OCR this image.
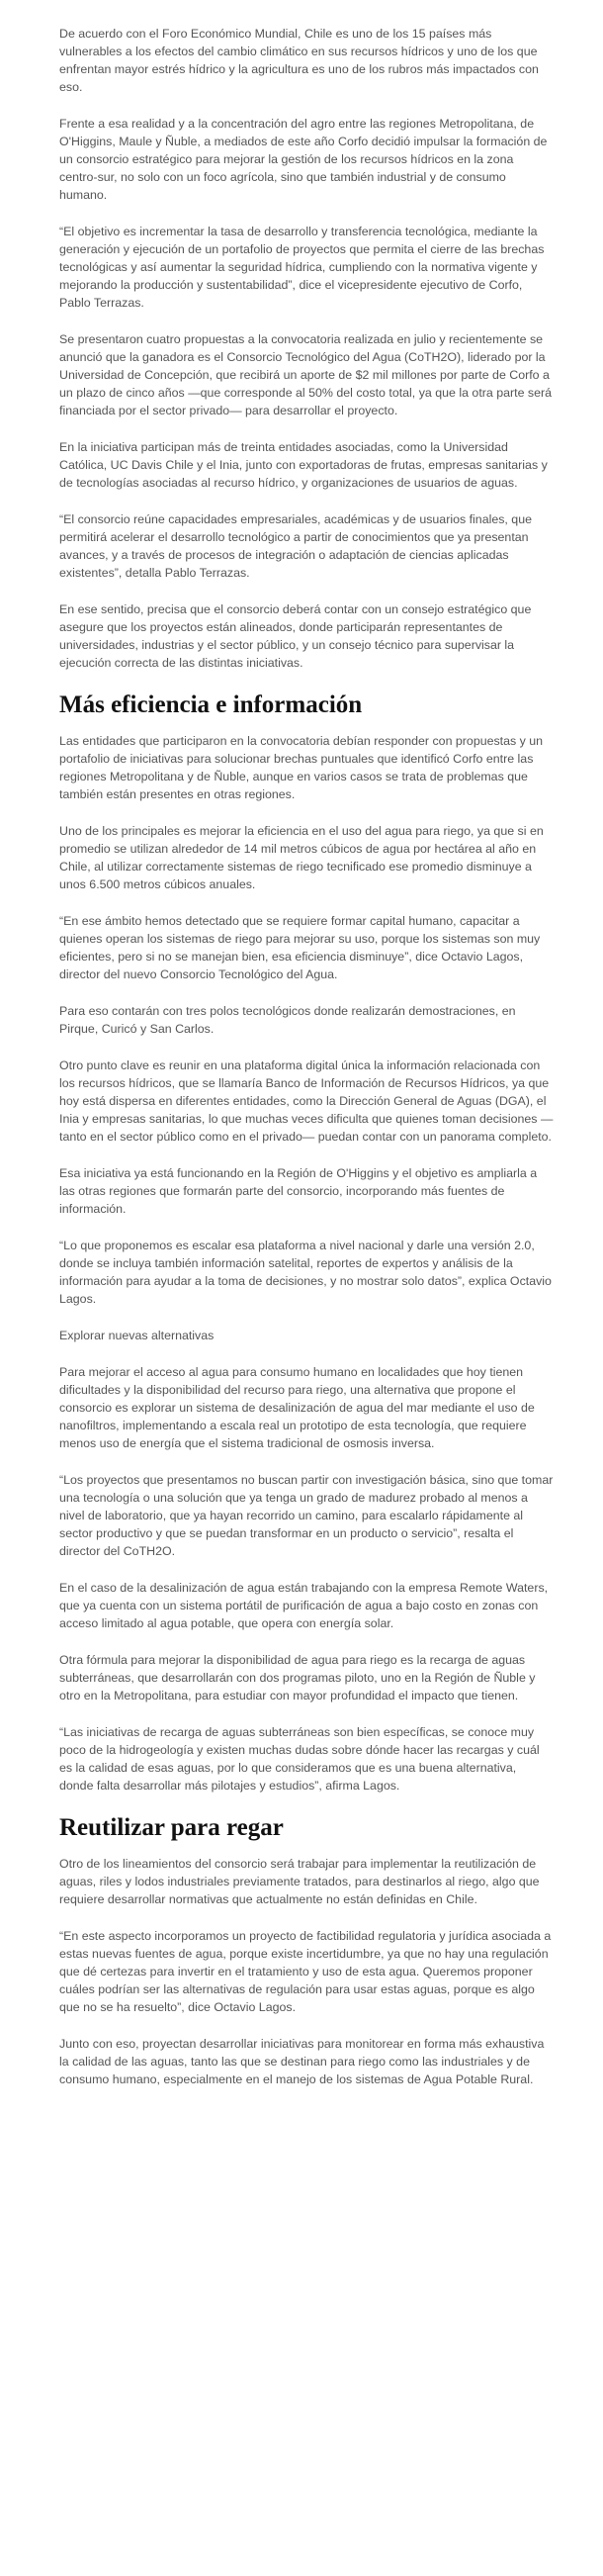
De acuerdo con el Foro Económico Mundial, Chile es uno de los 15 países más vulnerables a los efectos del cambio climático en sus recursos hídricos y uno de los que enfrentan mayor estrés hídrico y la agricultura es uno de los rubros más impactados con eso.

Frente a esa realidad y a la concentración del agro entre las regiones Metropolitana, de O'Higgins, Maule y Ñuble, a mediados de este año Corfo decidió impulsar la formación de un consorcio estratégico para mejorar la gestión de los recursos hídricos en la zona centro-sur, no solo con un foco agrícola, sino que también industrial y de consumo humano.

“El objetivo es incrementar la tasa de desarrollo y transferencia tecnológica, mediante la generación y ejecución de un portafolio de proyectos que permita el cierre de las brechas tecnológicas y así aumentar la seguridad hídrica, cumpliendo con la normativa vigente y mejorando la producción y sustentabilidad”, dice el vicepresidente ejecutivo de Corfo, Pablo Terrazas.

Se presentaron cuatro propuestas a la convocatoria realizada en julio y recientemente se anunció que la ganadora es el Consorcio Tecnológico del Agua (CoTH2O), liderado por la Universidad de Concepción, que recibirá un aporte de $2 mil millones por parte de Corfo a un plazo de cinco años —que corresponde al 50% del costo total, ya que la otra parte será financiada por el sector privado— para desarrollar el proyecto.

En la iniciativa participan más de treinta entidades asociadas, como la Universidad Católica, UC Davis Chile y el Inia, junto con exportadoras de frutas, empresas sanitarias y de tecnologías asociadas al recurso hídrico, y organizaciones de usuarios de aguas.

“El consorcio reúne capacidades empresariales, académicas y de usuarios finales, que permitirá acelerar el desarrollo tecnológico a partir de conocimientos que ya presentan avances, y a través de procesos de integración o adaptación de ciencias aplicadas existentes”, detalla Pablo Terrazas.

En ese sentido, precisa que el consorcio deberá contar con un consejo estratégico que asegure que los proyectos están alineados, donde participarán representantes de universidades, industrias y el sector público, y un consejo técnico para supervisar la ejecución correcta de las distintas iniciativas.

Más eficiencia e información

Las entidades que participaron en la convocatoria debían responder con propuestas y un portafolio de iniciativas para solucionar brechas puntuales que identificó Corfo entre las regiones Metropolitana y de Ñuble, aunque en varios casos se trata de problemas que también están presentes en otras regiones.

Uno de los principales es mejorar la eficiencia en el uso del agua para riego, ya que si en promedio se utilizan alrededor de 14 mil metros cúbicos de agua por hectárea al año en Chile, al utilizar correctamente sistemas de riego tecnificado ese promedio disminuye a unos 6.500 metros cúbicos anuales.

“En ese ámbito hemos detectado que se requiere formar capital humano, capacitar a quienes operan los sistemas de riego para mejorar su uso, porque los sistemas son muy eficientes, pero si no se manejan bien, esa eficiencia disminuye”, dice Octavio Lagos, director del nuevo Consorcio Tecnológico del Agua.

Para eso contarán con tres polos tecnológicos donde realizarán demostraciones, en Pirque, Curicó y San Carlos.

Otro punto clave es reunir en una plataforma digital única la información relacionada con los recursos hídricos, que se llamaría Banco de Información de Recursos Hídricos, ya que hoy está dispersa en diferentes entidades, como la Dirección General de Aguas (DGA), el Inia y empresas sanitarias, lo que muchas veces dificulta que quienes toman decisiones —tanto en el sector público como en el privado— puedan contar con un panorama completo.

Esa iniciativa ya está funcionando en la Región de O'Higgins y el objetivo es ampliarla a las otras regiones que formarán parte del consorcio, incorporando más fuentes de información.

“Lo que proponemos es escalar esa plataforma a nivel nacional y darle una versión 2.0, donde se incluya también información satelital, reportes de expertos y análisis de la información para ayudar a la toma de decisiones, y no mostrar solo datos”, explica Octavio Lagos.

Explorar nuevas alternativas

Para mejorar el acceso al agua para consumo humano en localidades que hoy tienen dificultades y la disponibilidad del recurso para riego, una alternativa que propone el consorcio es explorar un sistema de desalinización de agua del mar mediante el uso de nanofiltros, implementando a escala real un prototipo de esta tecnología, que requiere menos uso de energía que el sistema tradicional de osmosis inversa.

“Los proyectos que presentamos no buscan partir con investigación básica, sino que tomar una tecnología o una solución que ya tenga un grado de madurez probado al menos a nivel de laboratorio, que ya hayan recorrido un camino, para escalarlo rápidamente al sector productivo y que se puedan transformar en un producto o servicio”, resalta el director del CoTH2O.

En el caso de la desalinización de agua están trabajando con la empresa Remote Waters, que ya cuenta con un sistema portátil de purificación de agua a bajo costo en zonas con acceso limitado al agua potable, que opera con energía solar.

Otra fórmula para mejorar la disponibilidad de agua para riego es la recarga de aguas subterráneas, que desarrollarán con dos programas piloto, uno en la Región de Ñuble y otro en la Metropolitana, para estudiar con mayor profundidad el impacto que tienen.

“Las iniciativas de recarga de aguas subterráneas son bien específicas, se conoce muy poco de la hidrogeología y existen muchas dudas sobre dónde hacer las recargas y cuál es la calidad de esas aguas, por lo que consideramos que es una buena alternativa, donde falta desarrollar más pilotajes y estudios”, afirma Lagos.

Reutilizar para regar

Otro de los lineamientos del consorcio será trabajar para implementar la reutilización de aguas, riles y lodos industriales previamente tratados, para destinarlos al riego, algo que requiere desarrollar normativas que actualmente no están definidas en Chile.

“En este aspecto incorporamos un proyecto de factibilidad regulatoria y jurídica asociada a estas nuevas fuentes de agua, porque existe incertidumbre, ya que no hay una regulación que dé certezas para invertir en el tratamiento y uso de esta agua. Queremos proponer cuáles podrían ser las alternativas de regulación para usar estas aguas, porque es algo que no se ha resuelto”, dice Octavio Lagos.

Junto con eso, proyectan desarrollar iniciativas para monitorear en forma más exhaustiva la calidad de las aguas, tanto las que se destinan para riego como las industriales y de consumo humano, especialmente en el manejo de los sistemas de Agua Potable Rural.
